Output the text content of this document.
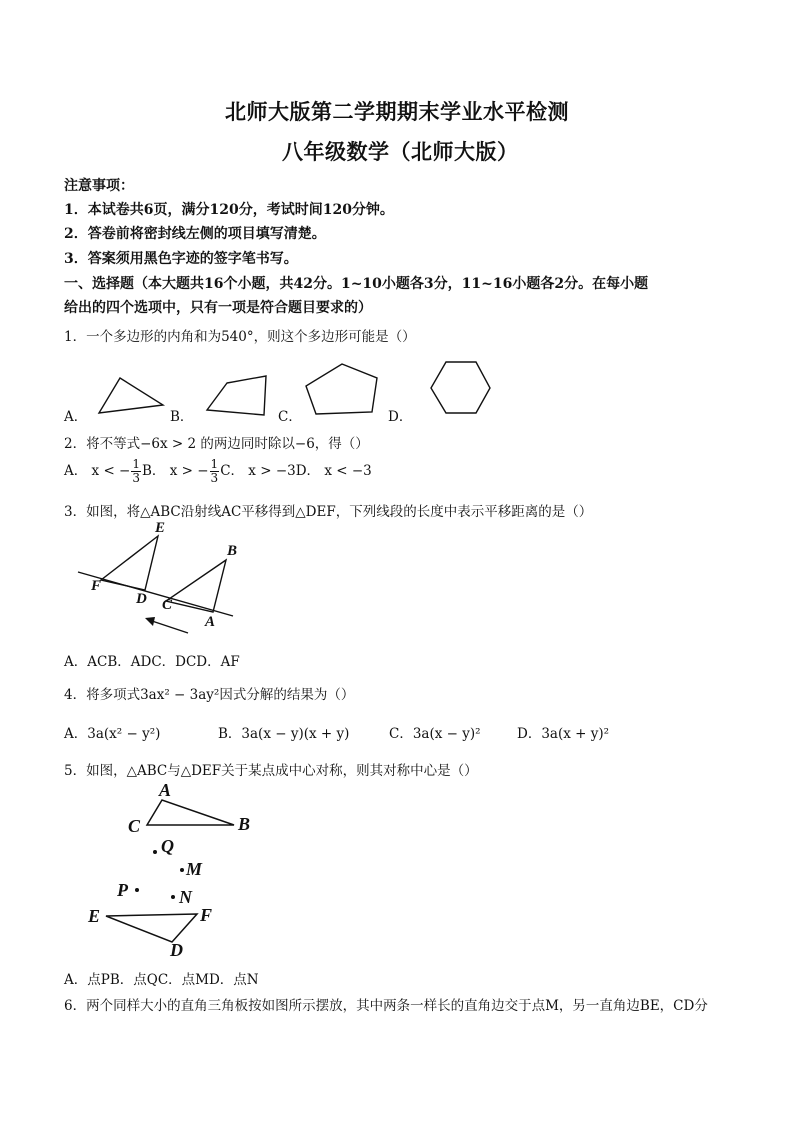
北师大版第二学期期末学业水平检测
八年级数学（北师大版）
注意事项：
1．本试卷共6页，满分120分，考试时间120分钟。
2．答卷前将密封线左侧的项目填写清楚。
3．答案须用黑色字迹的签字笔书写。
一、选择题（本大题共16个小题，共42分。1~10小题各3分，11~16小题各2分。在每小题
给出的四个选项中，只有一项是符合题目要求的）
1．一个多边形的内角和为540°，则这个多边形可能是（）
A．	B．	C．	D．
2．将不等式−6x > 2 的两边同时除以−6，得（）
A． x < − $\frac{1}{3}$ B． x > − $\frac{1}{3}$ C． x > −3D． x < −3
3．如图，将△ABC沿射线AC平移得到△DEF，下列线段的长度中表示平移距离的是（）
E
B
F
D C
A
A．ACB．ADC．DCD．AF
4．将多项式3ax² − 3ay²因式分解的结果为（）
A．3a(x² − y²)	B．3a(x − y)(x + y)	C．3a(x − y)²	D．3a(x + y)²
5．如图，△ABC与△DEF关于某点成中心对称，则其对称中心是（）
A
C	B
Q
M
P	N
E	F
D
A．点PB．点QC．点MD．点N
6．两个同样大小的直角三角板按如图所示摆放，其中两条一样长的直角边交于点M，另一直角边BE，CD分
